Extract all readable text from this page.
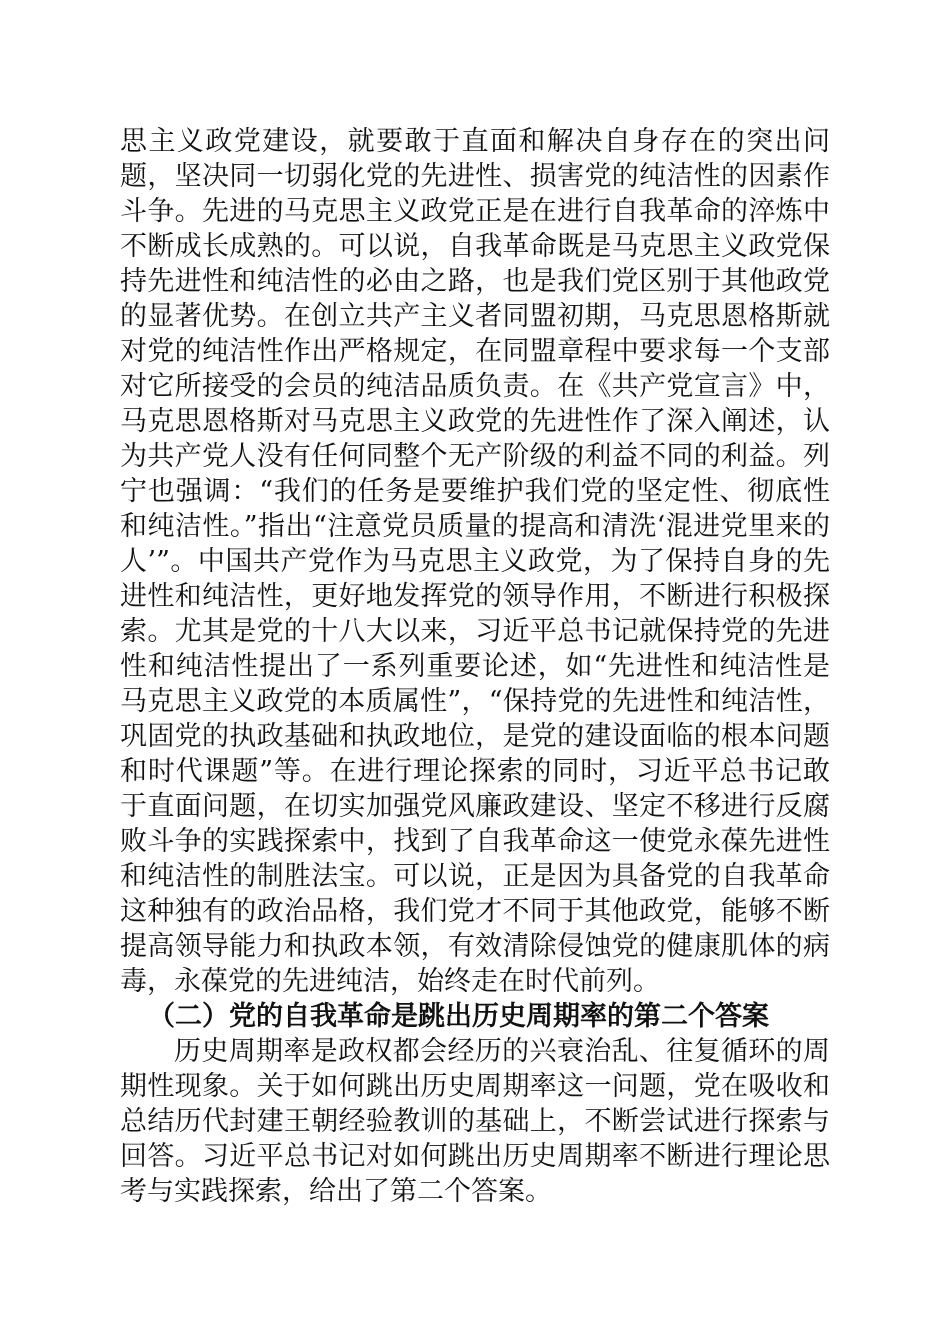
思主义政党建设，就要敢于直面和解决自身存在的突出问题，坚决同一切弱化党的先进性、损害党的纯洁性的因素作斗争。先进的马克思主义政党正是在进行自我革命的淬炼中不断成长成熟的。可以说，自我革命既是马克思主义政党保持先进性和纯洁性的必由之路，也是我们党区别于其他政党的显著优势。在创立共产主义者同盟初期，马克思恩格斯就对党的纯洁性作出严格规定，在同盟章程中要求每一个支部对它所接受的会员的纯洁品质负责。在《共产党宣言》中，马克思恩格斯对马克思主义政党的先进性作了深入阐述，认为共产党人没有任何同整个无产阶级的利益不同的利益。列宁也强调：“我们的任务是要维护我们党的坚定性、彻底性和纯洁性。”指出“注意党员质量的提高和清洗‘混进党里来的人’”。中国共产党作为马克思主义政党，为了保持自身的先进性和纯洁性，更好地发挥党的领导作用，不断进行积极探索。尤其是党的十八大以来，习近平总书记就保持党的先进性和纯洁性提出了一系列重要论述，如“先进性和纯洁性是马克思主义政党的本质属性”，“保持党的先进性和纯洁性，巩固党的执政基础和执政地位，是党的建设面临的根本问题和时代课题”等。在进行理论探索的同时，习近平总书记敢于直面问题，在切实加强党风廉政建设、坚定不移进行反腐败斗争的实践探索中，找到了自我革命这一使党永葆先进性和纯洁性的制胜法宝。可以说，正是因为具备党的自我革命这种独有的政治品格，我们党才不同于其他政党，能够不断提高领导能力和执政本领，有效清除侵蚀党的健康肌体的病毒，永葆党的先进纯洁，始终走在时代前列。

（二）党的自我革命是跳出历史周期率的第二个答案

历史周期率是政权都会经历的兴衰治乱、往复循环的周期性现象。关于如何跳出历史周期率这一问题，党在吸收和总结历代封建王朝经验教训的基础上，不断尝试进行探索与回答。习近平总书记对如何跳出历史周期率不断进行理论思考与实践探索，给出了第二个答案。
